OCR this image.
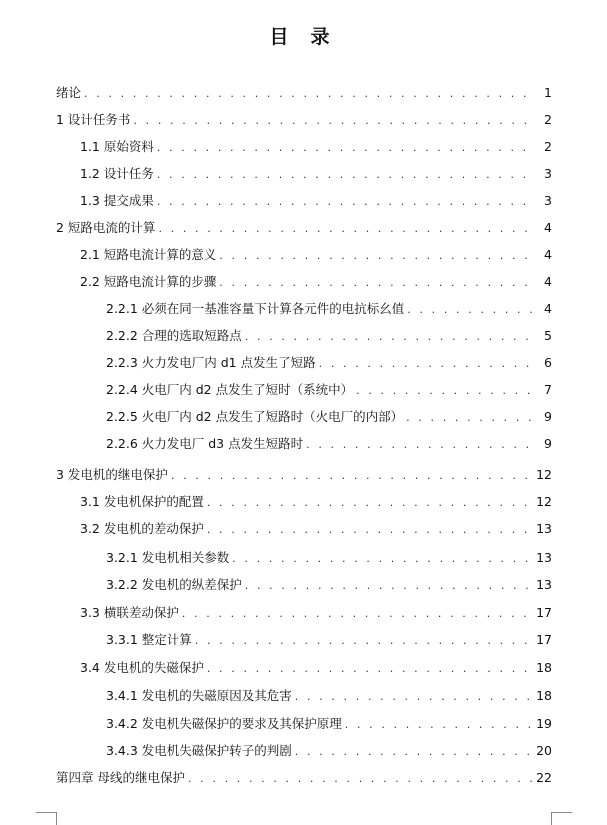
目录
绪论 . . .	1
1 设计任务书 . . .	2
1.1 原始资料 . . .	2
1.2 设计任务 . . .	3
1.3 提交成果 . . .	3
2 短路电流的计算 . . .	4
2.1 短路电流计算的意义 . . .	4
2.2 短路电流计算的步骤 . . .	4
2.2.1 必须在同一基准容量下计算各元件的电抗标幺值 . . .	4
2.2.2 合理的选取短路点 . . .	5
2.2.3 火力发电厂内 d1 点发生了短路 . . .	6
2.2.4 火电厂内 d2 点发生了短时（系统中） . . .	7
2.2.5 火电厂内 d2 点发生了短路时（火电厂的内部） . . .	9
2.2.6 火力发电厂 d3 点发生短路时 . . .	9
3 发电机的继电保护 . . .	12
3.1 发电机保护的配置 . . .	12
3.2 发电机的差动保护 . . .	13
3.2.1 发电机相关参数 . . .	13
3.2.2 发电机的纵差保护 . . .	13
3.3 横联差动保护 . . .	17
3.3.1 整定计算 . . .	17
3.4 发电机的失磁保护 . . .	18
3.4.1 发电机的失磁原因及其危害 . . .	18
3.4.2 发电机失磁保护的要求及其保护原理 . . .	19
3.4.3 发电机失磁保护转子的判剧 . . .	20
第四章 母线的继电保护 . . .	22
